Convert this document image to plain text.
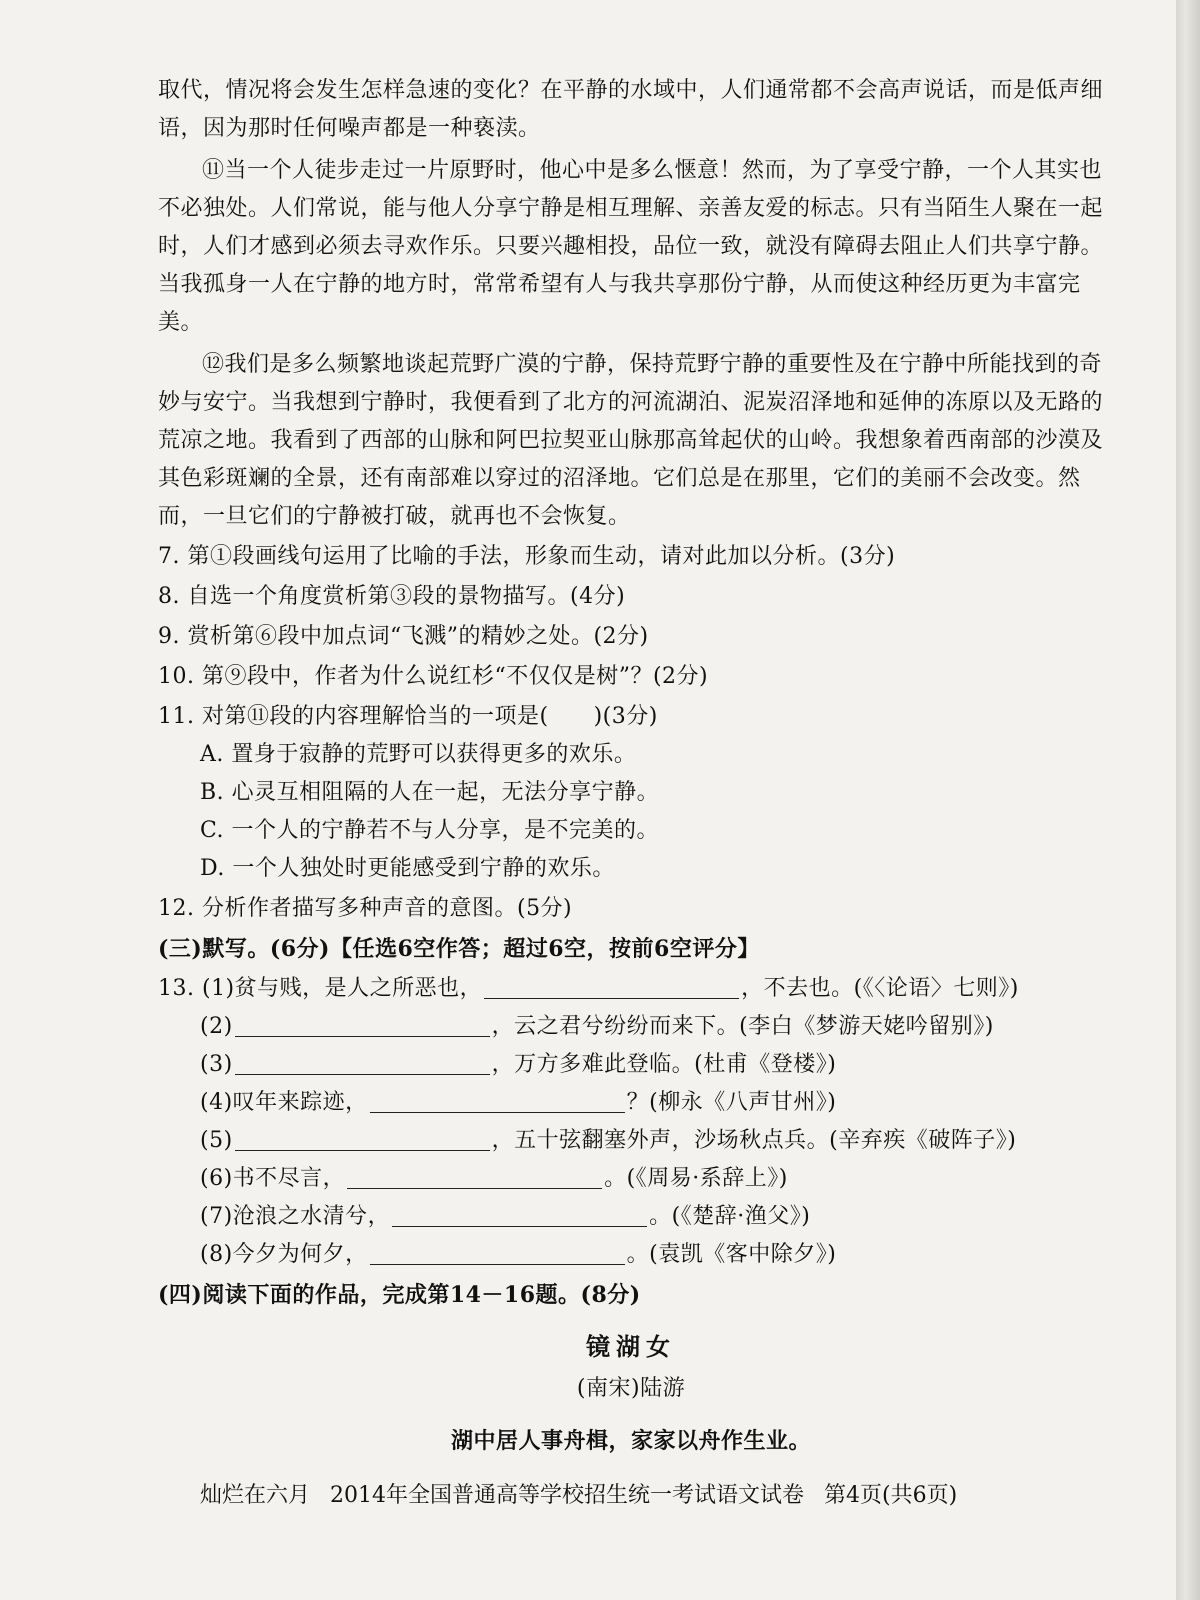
取代，情况将会发生怎样急速的变化？在平静的水域中，人们通常都不会高声说话，而是低声细语，因为那时任何噪声都是一种亵渎。

⑪当一个人徒步走过一片原野时，他心中是多么惬意！然而，为了享受宁静，一个人其实也不必独处。人们常说，能与他人分享宁静是相互理解、亲善友爱的标志。只有当陌生人聚在一起时，人们才感到必须去寻欢作乐。只要兴趣相投，品位一致，就没有障碍去阻止人们共享宁静。当我孤身一人在宁静的地方时，常常希望有人与我共享那份宁静，从而使这种经历更为丰富完美。

⑫我们是多么频繁地谈起荒野广漠的宁静，保持荒野宁静的重要性及在宁静中所能找到的奇妙与安宁。当我想到宁静时，我便看到了北方的河流湖泊、泥炭沼泽地和延伸的冻原以及无路的荒凉之地。我看到了西部的山脉和阿巴拉契亚山脉那高耸起伏的山岭。我想象着西南部的沙漠及其色彩斑斓的全景，还有南部难以穿过的沼泽地。它们总是在那里，它们的美丽不会改变。然而，一旦它们的宁静被打破，就再也不会恢复。

7. 第①段画线句运用了比喻的手法，形象而生动，请对此加以分析。(3分)

8. 自选一个角度赏析第③段的景物描写。(4分)

9. 赏析第⑥段中加点词“飞溅”的精妙之处。(2分)

10. 第⑨段中，作者为什么说红杉“不仅仅是树”？(2分)

11. 对第⑪段的内容理解恰当的一项是(　　)(3分)

A. 置身于寂静的荒野可以获得更多的欢乐。

B. 心灵互相阻隔的人在一起，无法分享宁静。

C. 一个人的宁静若不与人分享，是不完美的。

D. 一个人独处时更能感受到宁静的欢乐。

12. 分析作者描写多种声音的意图。(5分)

(三)默写。(6分)【任选6空作答；超过6空，按前6空评分】

13. (1)贫与贱，是人之所恶也，	，不去也。(《〈论语〉七则》)

(2)	，云之君兮纷纷而来下。(李白《梦游天姥吟留别》)

(3)	，万方多难此登临。(杜甫《登楼》)

(4)叹年来踪迹，	？(柳永《八声甘州》)

(5)	，五十弦翻塞外声，沙场秋点兵。(辛弃疾《破阵子》)

(6)书不尽言，	。(《周易·系辞上》)

(7)沧浪之水清兮，	。(《楚辞·渔父》)

(8)今夕为何夕，	。(袁凯《客中除夕》)

(四)阅读下面的作品，完成第14－16题。(8分)

镜湖女

(南宋)陆游

湖中居人事舟楫，家家以舟作生业。

灿烂在六月 2014年全国普通高等学校招生统一考试语文试卷 第4页(共6页)
